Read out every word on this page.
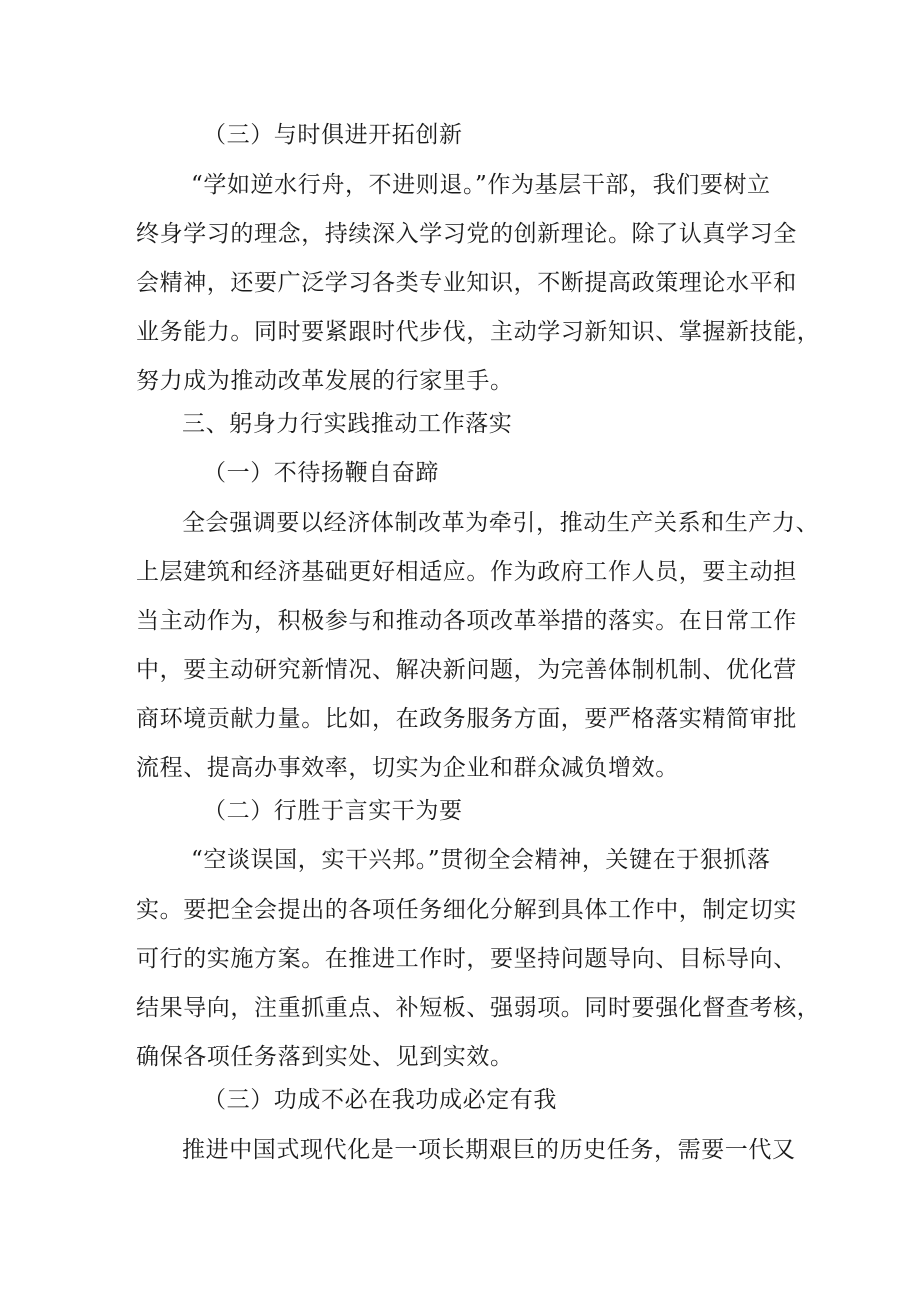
（三）与时俱进开拓创新
“学如逆水行舟，不进则退。”作为基层干部，我们要树立
终身学习的理念，持续深入学习党的创新理论。除了认真学习全
会精神，还要广泛学习各类专业知识，不断提高政策理论水平和
业务能力。同时要紧跟时代步伐，主动学习新知识、掌握新技能，
努力成为推动改革发展的行家里手。
三、躬身力行实践推动工作落实
（一）不待扬鞭自奋蹄
全会强调要以经济体制改革为牵引，推动生产关系和生产力、
上层建筑和经济基础更好相适应。作为政府工作人员，要主动担
当主动作为，积极参与和推动各项改革举措的落实。在日常工作
中，要主动研究新情况、解决新问题，为完善体制机制、优化营
商环境贡献力量。比如，在政务服务方面，要严格落实精简审批
流程、提高办事效率，切实为企业和群众减负增效。
（二）行胜于言实干为要
“空谈误国，实干兴邦。”贯彻全会精神，关键在于狠抓落
实。要把全会提出的各项任务细化分解到具体工作中，制定切实
可行的实施方案。在推进工作时，要坚持问题导向、目标导向、
结果导向，注重抓重点、补短板、强弱项。同时要强化督查考核，
确保各项任务落到实处、见到实效。
（三）功成不必在我功成必定有我
推进中国式现代化是一项长期艰巨的历史任务，需要一代又
